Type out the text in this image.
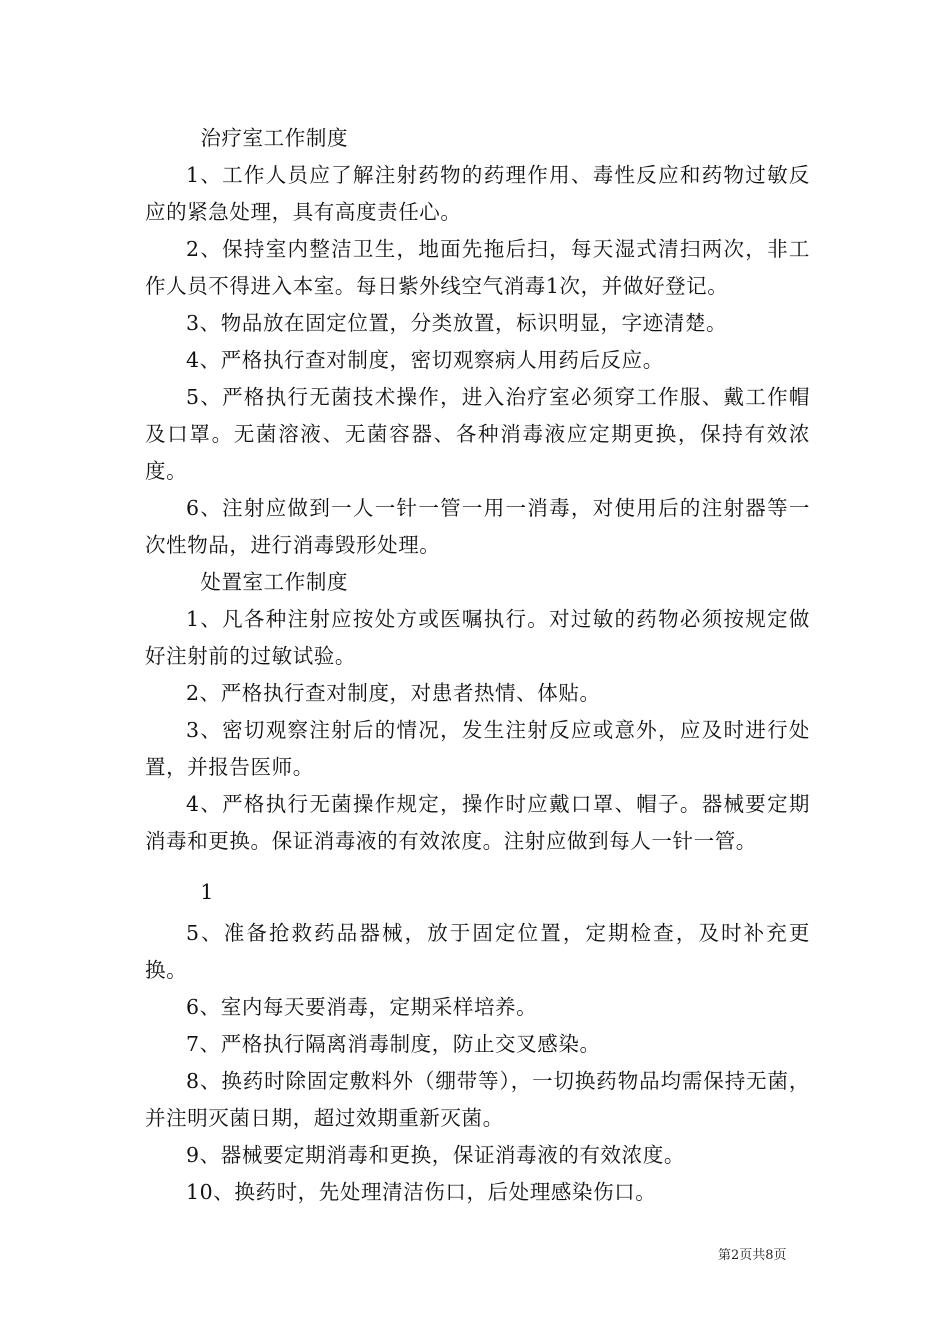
治疗室工作制度

1、工作人员应了解注射药物的药理作用、毒性反应和药物过敏反应的紧急处理，具有高度责任心。

2、保持室内整洁卫生，地面先拖后扫，每天湿式清扫两次，非工作人员不得进入本室。每日紫外线空气消毒1次，并做好登记。

3、物品放在固定位置，分类放置，标识明显，字迹清楚。

4、严格执行查对制度，密切观察病人用药后反应。

5、严格执行无菌技术操作，进入治疗室必须穿工作服、戴工作帽及口罩。无菌溶液、无菌容器、各种消毒液应定期更换，保持有效浓度。

6、注射应做到一人一针一管一用一消毒，对使用后的注射器等一次性物品，进行消毒毁形处理。

处置室工作制度

1、凡各种注射应按处方或医嘱执行。对过敏的药物必须按规定做好注射前的过敏试验。

2、严格执行查对制度，对患者热情、体贴。

3、密切观察注射后的情况，发生注射反应或意外，应及时进行处置，并报告医师。

4、严格执行无菌操作规定，操作时应戴口罩、帽子。器械要定期消毒和更换。保证消毒液的有效浓度。注射应做到每人一针一管。

1

5、准备抢救药品器械，放于固定位置，定期检查，及时补充更换。

6、室内每天要消毒，定期采样培养。

7、严格执行隔离消毒制度，防止交叉感染。

8、换药时除固定敷料外（绷带等），一切换药物品均需保持无菌，并注明灭菌日期，超过效期重新灭菌。

9、器械要定期消毒和更换，保证消毒液的有效浓度。

10、换药时，先处理清洁伤口，后处理感染伤口。

第2页共8页
